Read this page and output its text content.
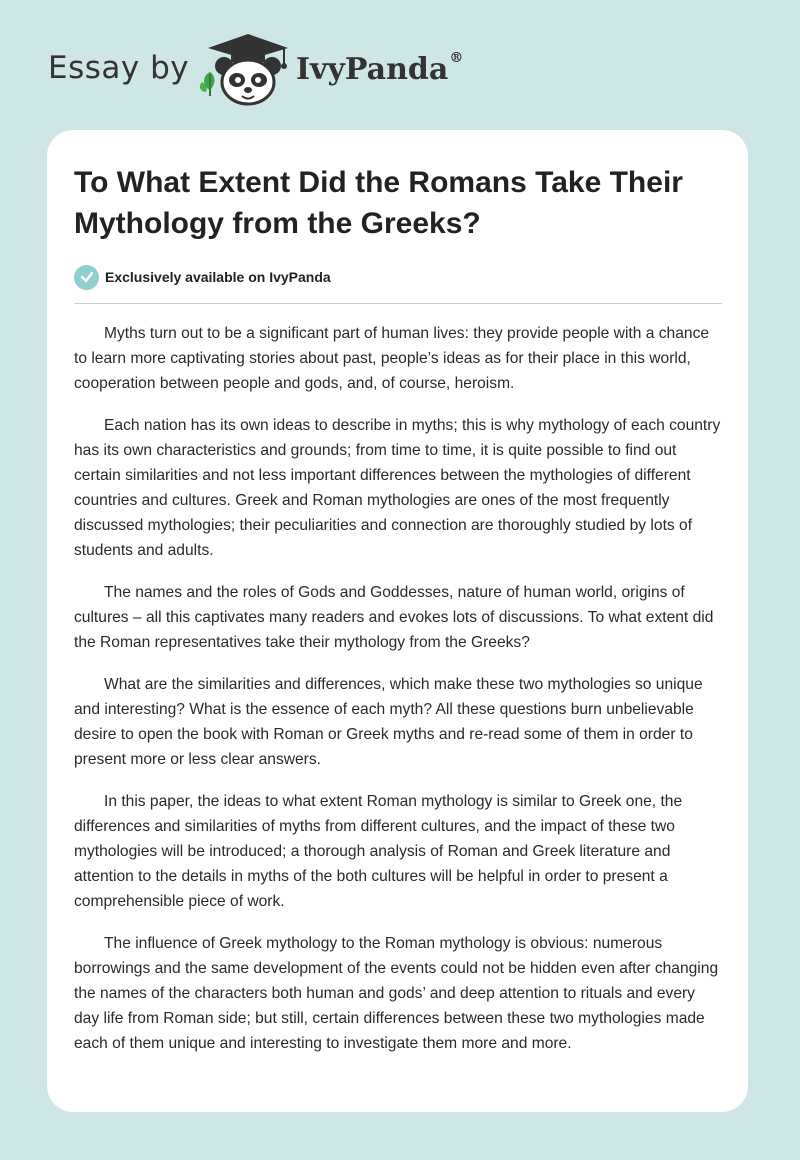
Essay by	IvyPanda®
To What Extent Did the Romans Take Their Mythology from the Greeks?
Exclusively available on IvyPanda

Myths turn out to be a significant part of human lives: they provide people with a chance to learn more captivating stories about past, people’s ideas as for their place in this world, cooperation between people and gods, and, of course, heroism.

Each nation has its own ideas to describe in myths; this is why mythology of each country has its own characteristics and grounds; from time to time, it is quite possible to find out certain similarities and not less important differences between the mythologies of different countries and cultures. Greek and Roman mythologies are ones of the most frequently discussed mythologies; their peculiarities and connection are thoroughly studied by lots of students and adults.

The names and the roles of Gods and Goddesses, nature of human world, origins of cultures – all this captivates many readers and evokes lots of discussions. To what extent did the Roman representatives take their mythology from the Greeks?

What are the similarities and differences, which make these two mythologies so unique and interesting? What is the essence of each myth? All these questions burn unbelievable desire to open the book with Roman or Greek myths and re-read some of them in order to present more or less clear answers.

In this paper, the ideas to what extent Roman mythology is similar to Greek one, the differences and similarities of myths from different cultures, and the impact of these two mythologies will be introduced; a thorough analysis of Roman and Greek literature and attention to the details in myths of the both cultures will be helpful in order to present a comprehensible piece of work.

The influence of Greek mythology to the Roman mythology is obvious: numerous borrowings and the same development of the events could not be hidden even after changing the names of the characters both human and gods’ and deep attention to rituals and every day life from Roman side; but still, certain differences between these two mythologies made each of them unique and interesting to investigate them more and more.
